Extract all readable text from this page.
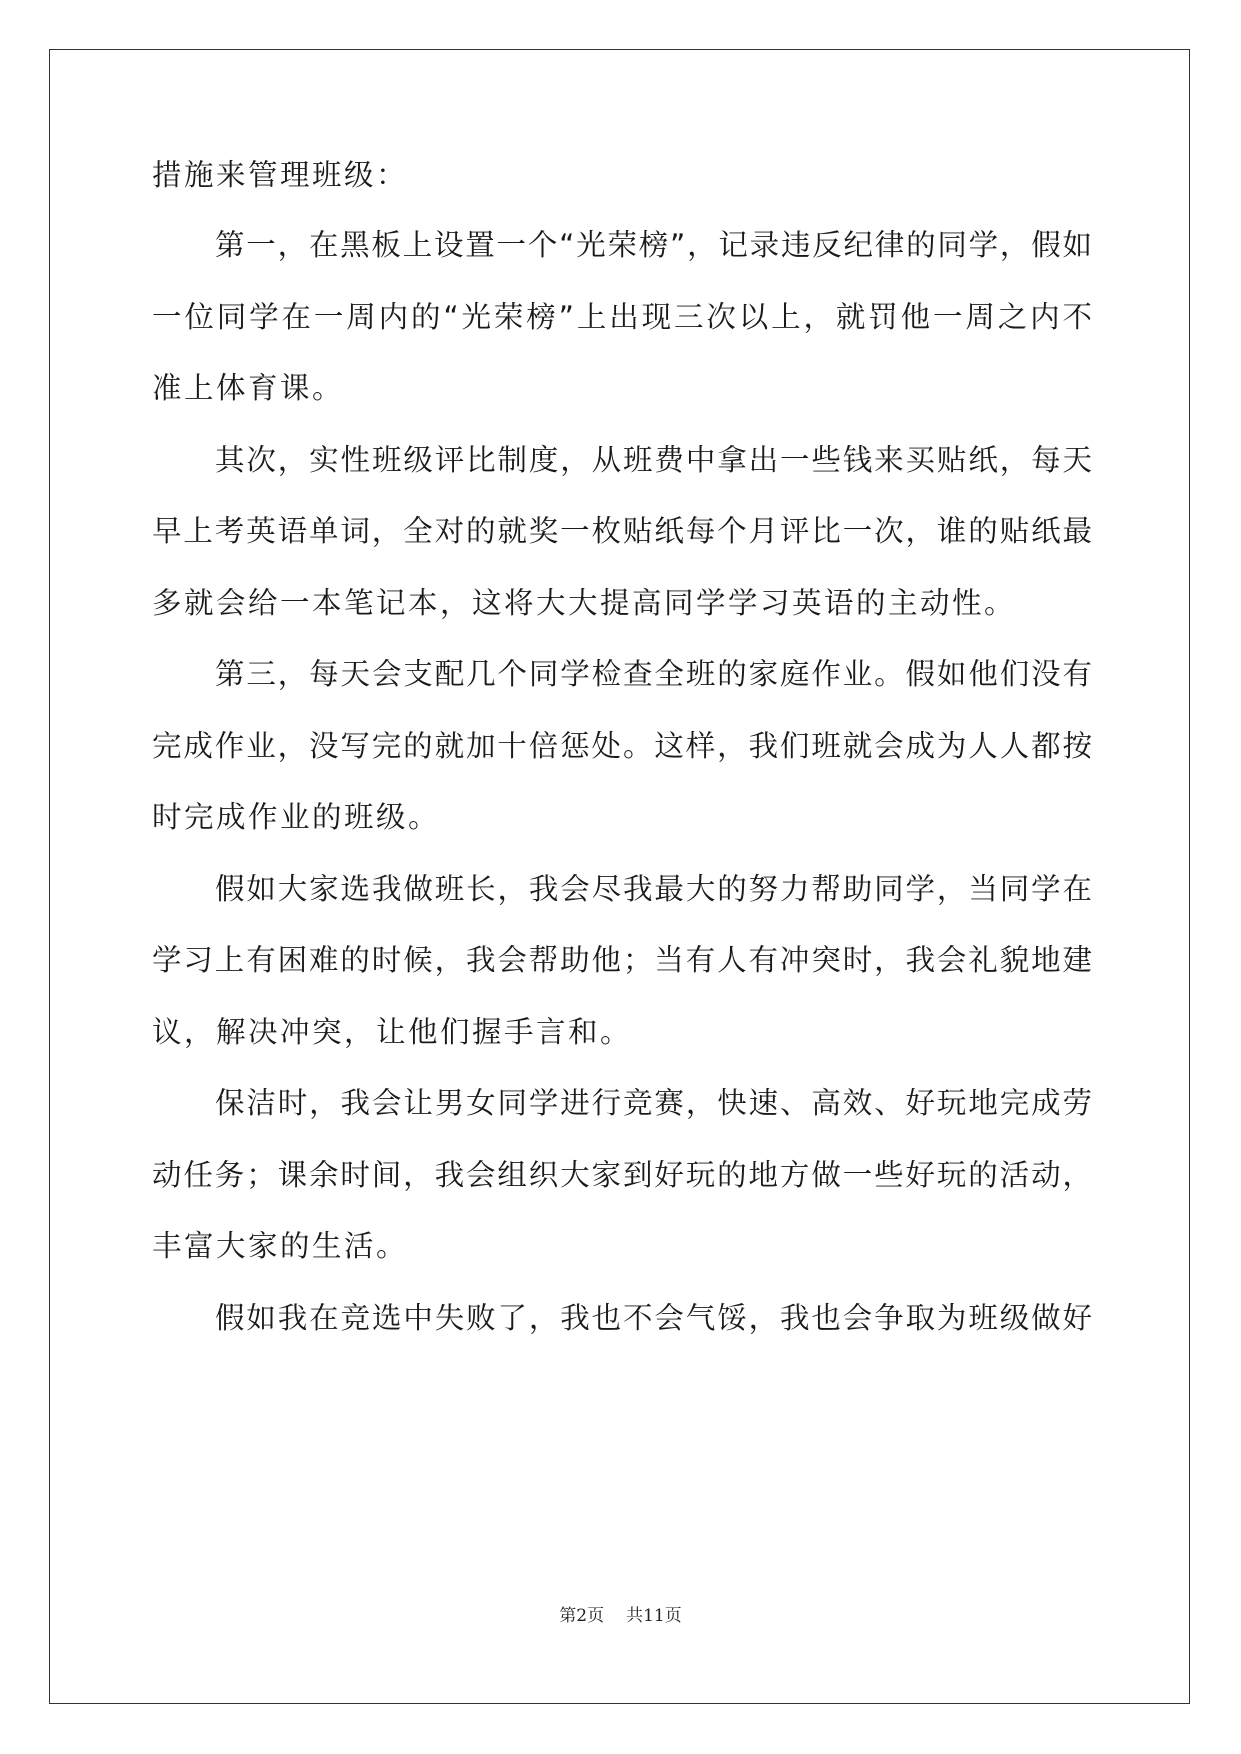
措施来管理班级：

第一，在黑板上设置一个“光荣榜”，记录违反纪律的同学，假如

一位同学在一周内的“光荣榜”上出现三次以上，就罚他一周之内不

准上体育课。

其次，实性班级评比制度，从班费中拿出一些钱来买贴纸，每天

早上考英语单词，全对的就奖一枚贴纸每个月评比一次，谁的贴纸最

多就会给一本笔记本，这将大大提高同学学习英语的主动性。

第三，每天会支配几个同学检查全班的家庭作业。假如他们没有

完成作业，没写完的就加十倍惩处。这样，我们班就会成为人人都按

时完成作业的班级。

假如大家选我做班长，我会尽我最大的努力帮助同学，当同学在

学习上有困难的时候，我会帮助他；当有人有冲突时，我会礼貌地建

议，解决冲突，让他们握手言和。

保洁时，我会让男女同学进行竞赛，快速、高效、好玩地完成劳

动任务；课余时间，我会组织大家到好玩的地方做一些好玩的活动，

丰富大家的生活。

假如我在竞选中失败了，我也不会气馁，我也会争取为班级做好

第2页 共11页
